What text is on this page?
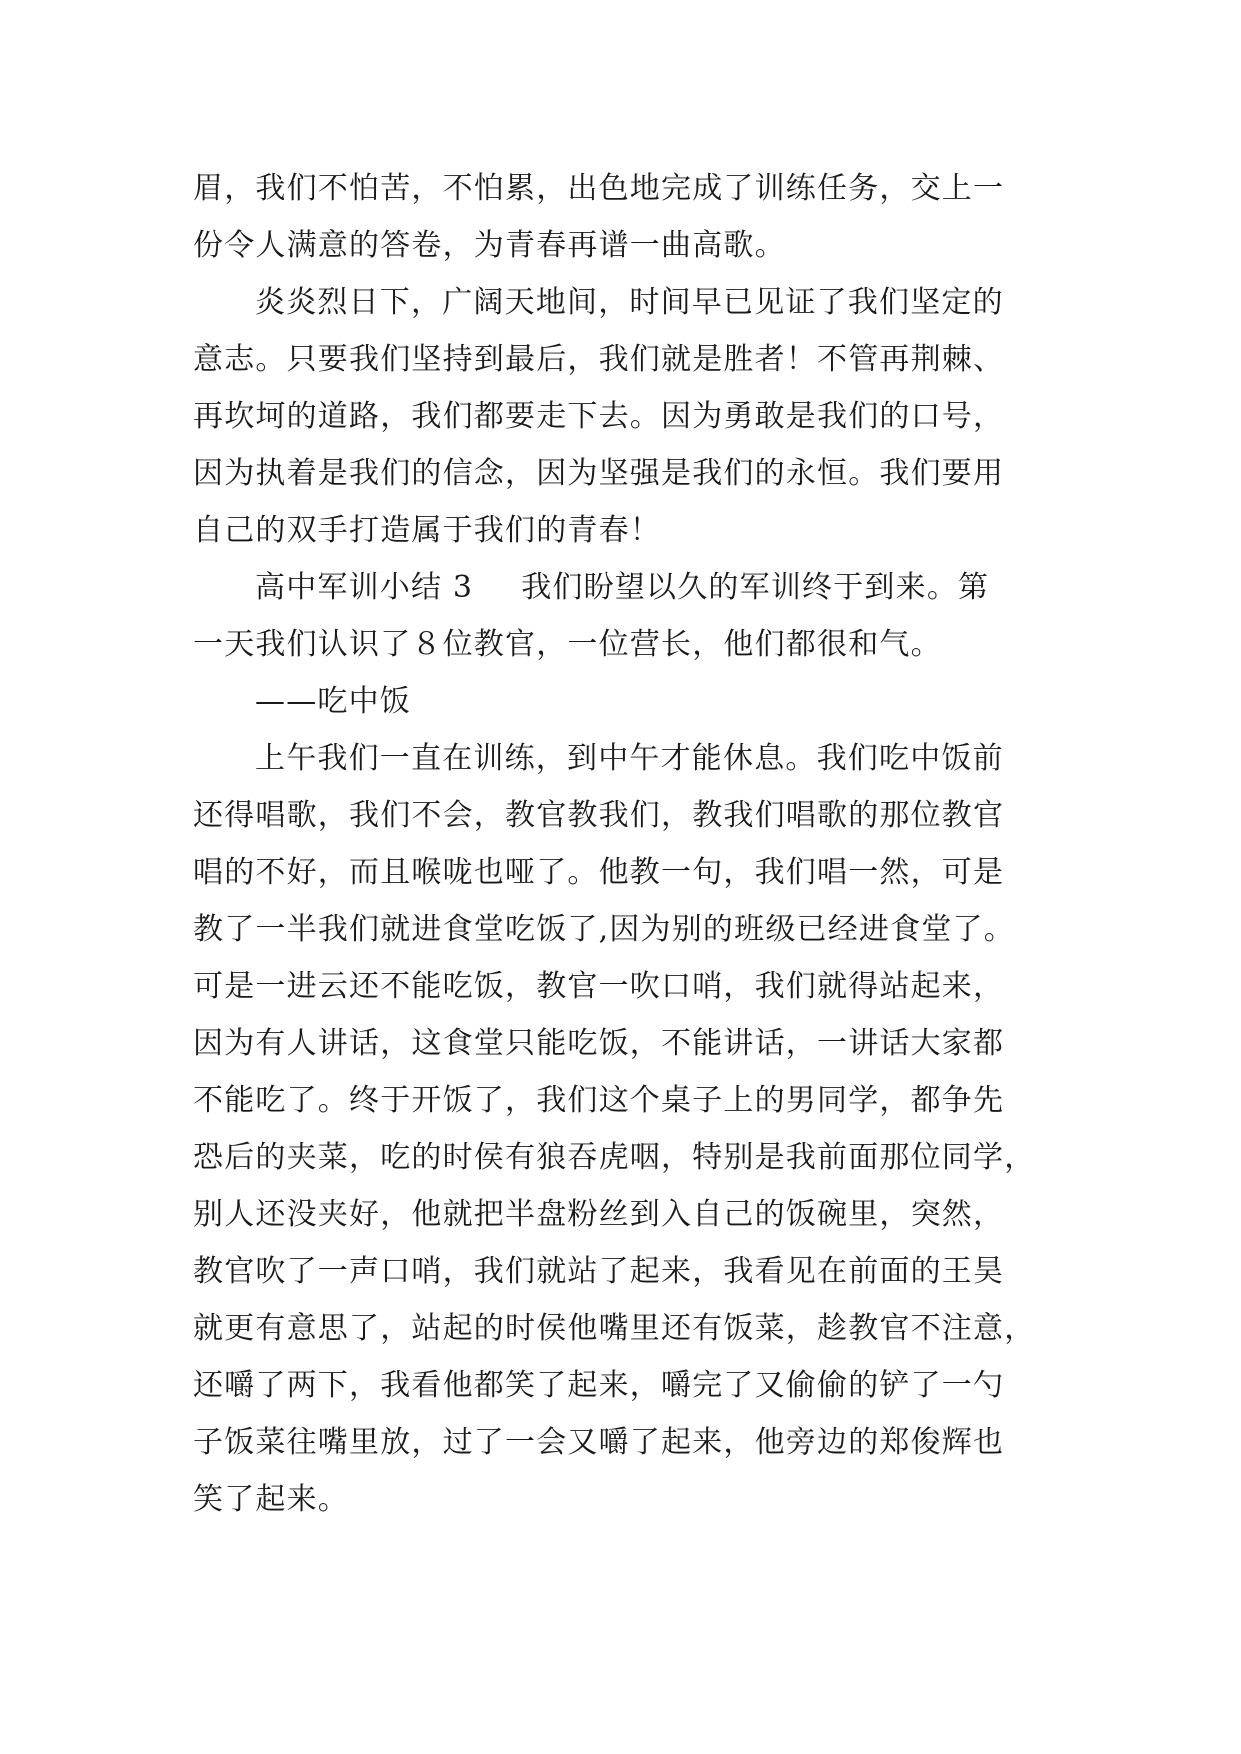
眉，我们不怕苦，不怕累，出色地完成了训练任务，交上一
份令人满意的答卷，为青春再谱一曲高歌。
炎炎烈日下，广阔天地间，时间早已见证了我们坚定的
意志。只要我们坚持到最后，我们就是胜者！不管再荆棘、
再坎坷的道路，我们都要走下去。因为勇敢是我们的口号，
因为执着是我们的信念，因为坚强是我们的永恒。我们要用
自己的双手打造属于我们的青春！
高中军训小结 3 我们盼望以久的军训终于到来。第
一天我们认识了８位教官，一位营长，他们都很和气。
——吃中饭
上午我们一直在训练，到中午才能休息。我们吃中饭前
还得唱歌，我们不会，教官教我们，教我们唱歌的那位教官
唱的不好，而且喉咙也哑了。他教一句，我们唱一然，可是
教了一半我们就进食堂吃饭了,因为别的班级已经进食堂了。
可是一进云还不能吃饭，教官一吹口哨，我们就得站起来，
因为有人讲话，这食堂只能吃饭，不能讲话，一讲话大家都
不能吃了。终于开饭了，我们这个桌子上的男同学，都争先
恐后的夹菜，吃的时侯有狼吞虎咽，特别是我前面那位同学，
别人还没夹好，他就把半盘粉丝到入自己的饭碗里，突然，
教官吹了一声口哨，我们就站了起来，我看见在前面的王昊
就更有意思了，站起的时侯他嘴里还有饭菜，趁教官不注意，
还嚼了两下，我看他都笑了起来，嚼完了又偷偷的铲了一勺
子饭菜往嘴里放，过了一会又嚼了起来，他旁边的郑俊辉也
笑了起来。
